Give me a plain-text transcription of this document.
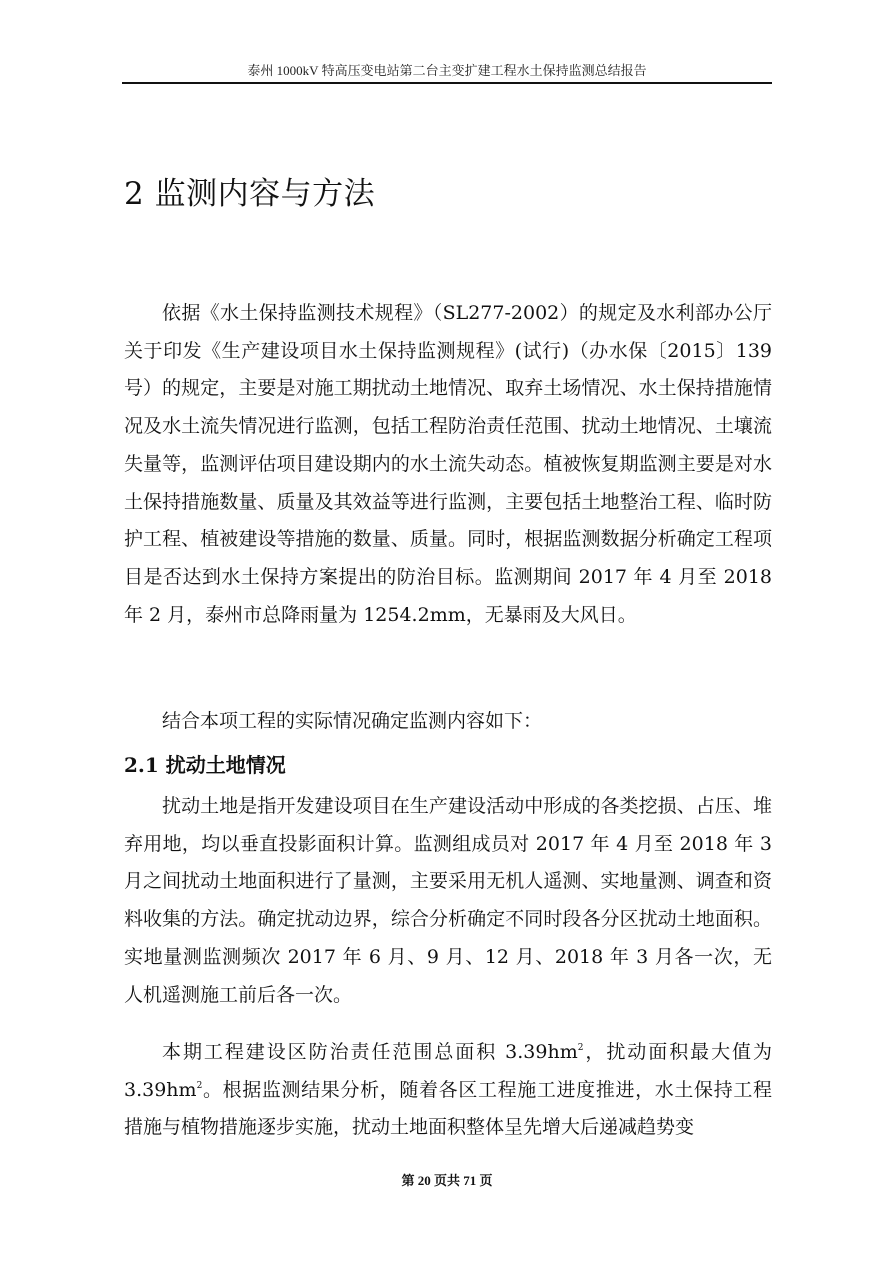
泰州 1000kV 特高压变电站第二台主变扩建工程水土保持监测总结报告
2 监测内容与方法

依据《水土保持监测技术规程》（SL277-2002）的规定及水利部办公厅关于印发《生产建设项目水土保持监测规程》(试行)（办水保〔2015〕139 号）的规定，主要是对施工期扰动土地情况、取弃土场情况、水土保持措施情况及水土流失情况进行监测，包括工程防治责任范围、扰动土地情况、土壤流失量等，监测评估项目建设期内的水土流失动态。植被恢复期监测主要是对水土保持措施数量、质量及其效益等进行监测，主要包括土地整治工程、临时防护工程、植被建设等措施的数量、质量。同时，根据监测数据分析确定工程项目是否达到水土保持方案提出的防治目标。监测期间 2017 年 4 月至 2018 年 2 月，泰州市总降雨量为 1254.2mm，无暴雨及大风日。

结合本项工程的实际情况确定监测内容如下：

2.1 扰动土地情况

扰动土地是指开发建设项目在生产建设活动中形成的各类挖损、占压、堆弃用地，均以垂直投影面积计算。监测组成员对 2017 年 4 月至 2018 年 3 月之间扰动土地面积进行了量测，主要采用无机人遥测、实地量测、调查和资料收集的方法。确定扰动边界，综合分析确定不同时段各分区扰动土地面积。实地量测监测频次 2017 年 6 月、9 月、12 月、2018 年 3 月各一次，无人机遥测施工前后各一次。

本期工程建设区防治责任范围总面积 $3.39hm^2$，扰动面积最大值为 $3.39hm^2$。根据监测结果分析，随着各区工程施工进度推进，水土保持工程措施与植物措施逐步实施，扰动土地面积整体呈先增大后递减趋势变

第 20 页共 71 页
